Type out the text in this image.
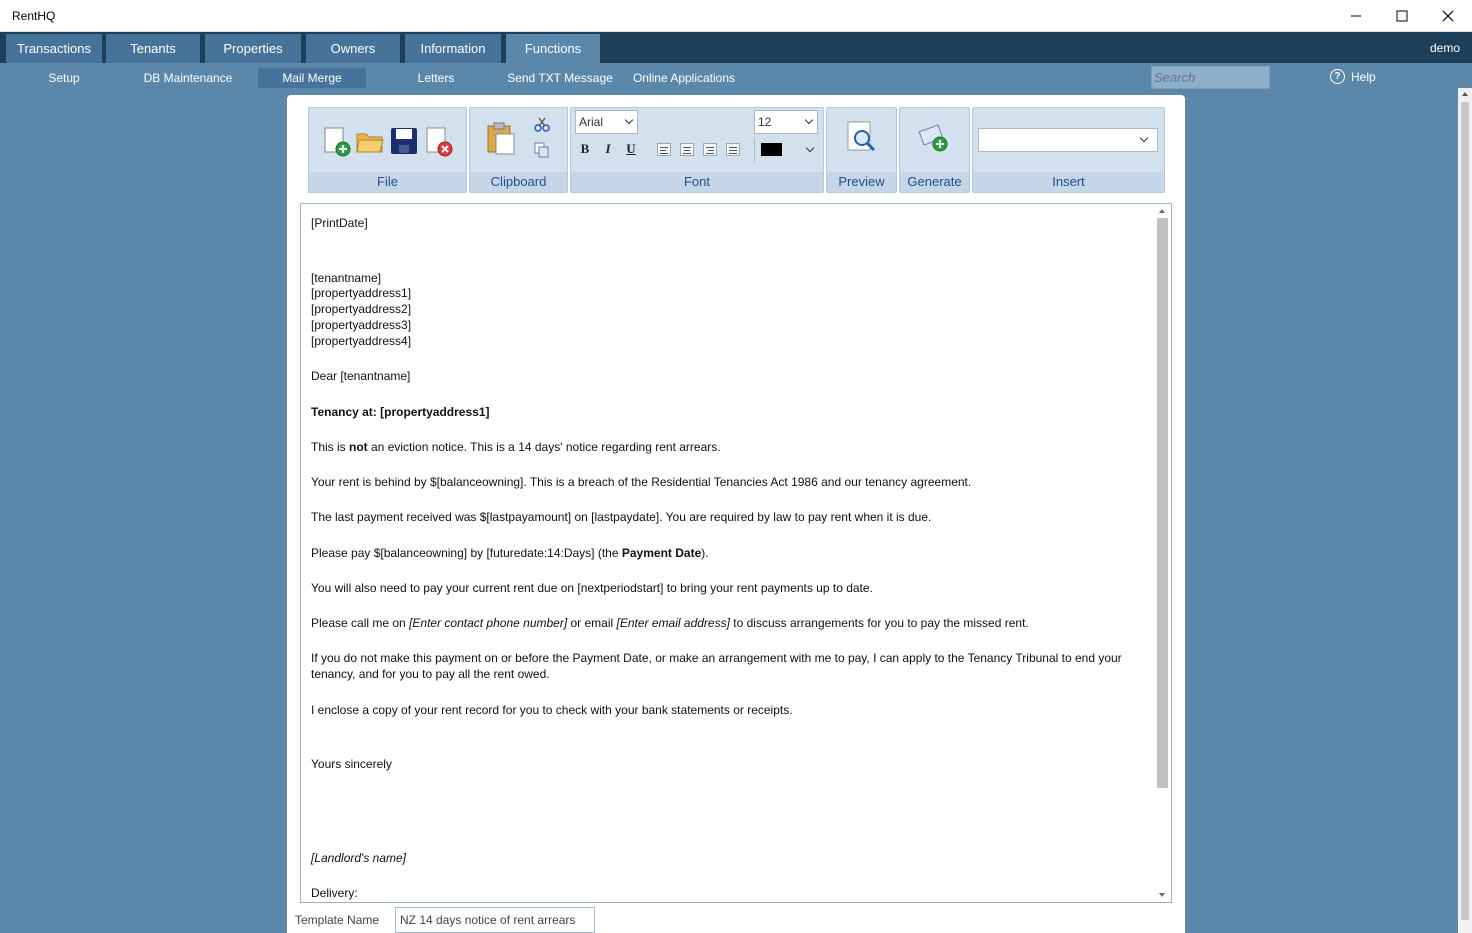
RentHQ
Transactions	Tenants	Properties	Owners	Information	Functions	demo
Setup	DB Maintenance	Mail Merge	Letters	Send TXT Message	Online Applications	Search	? Help
File	Clipboard
Arial	12
B	I	U
Font	Preview	Generate	Insert

[PrintDate]

[tenantname]

[propertyaddress1]

[propertyaddress2]

[propertyaddress3]

[propertyaddress4]

Dear [tenantname]

Tenancy at: [propertyaddress1]

This is not an eviction notice. This is a 14 days' notice regarding rent arrears.

Your rent is behind by $[balanceowning]. This is a breach of the Residential Tenancies Act 1986 and our tenancy agreement.

The last payment received was $[lastpayamount] on [lastpaydate]. You are required by law to pay rent when it is due.

Please pay $[balanceowning] by [futuredate:14:Days] (the Payment Date).

You will also need to pay your current rent due on [nextperiodstart] to bring your rent payments up to date.

Please call me on [Enter contact phone number] or email [Enter email address] to discuss arrangements for you to pay the missed rent.

If you do not make this payment on or before the Payment Date, or make an arrangement with me to pay, I can apply to the Tenancy Tribunal to end your tenancy, and for you to pay all the rent owed.

I enclose a copy of your rent record for you to check with your bank statements or receipts.

Yours sincerely

[Landlord's name]

Delivery:

Template Name	NZ 14 days notice of rent arrears
